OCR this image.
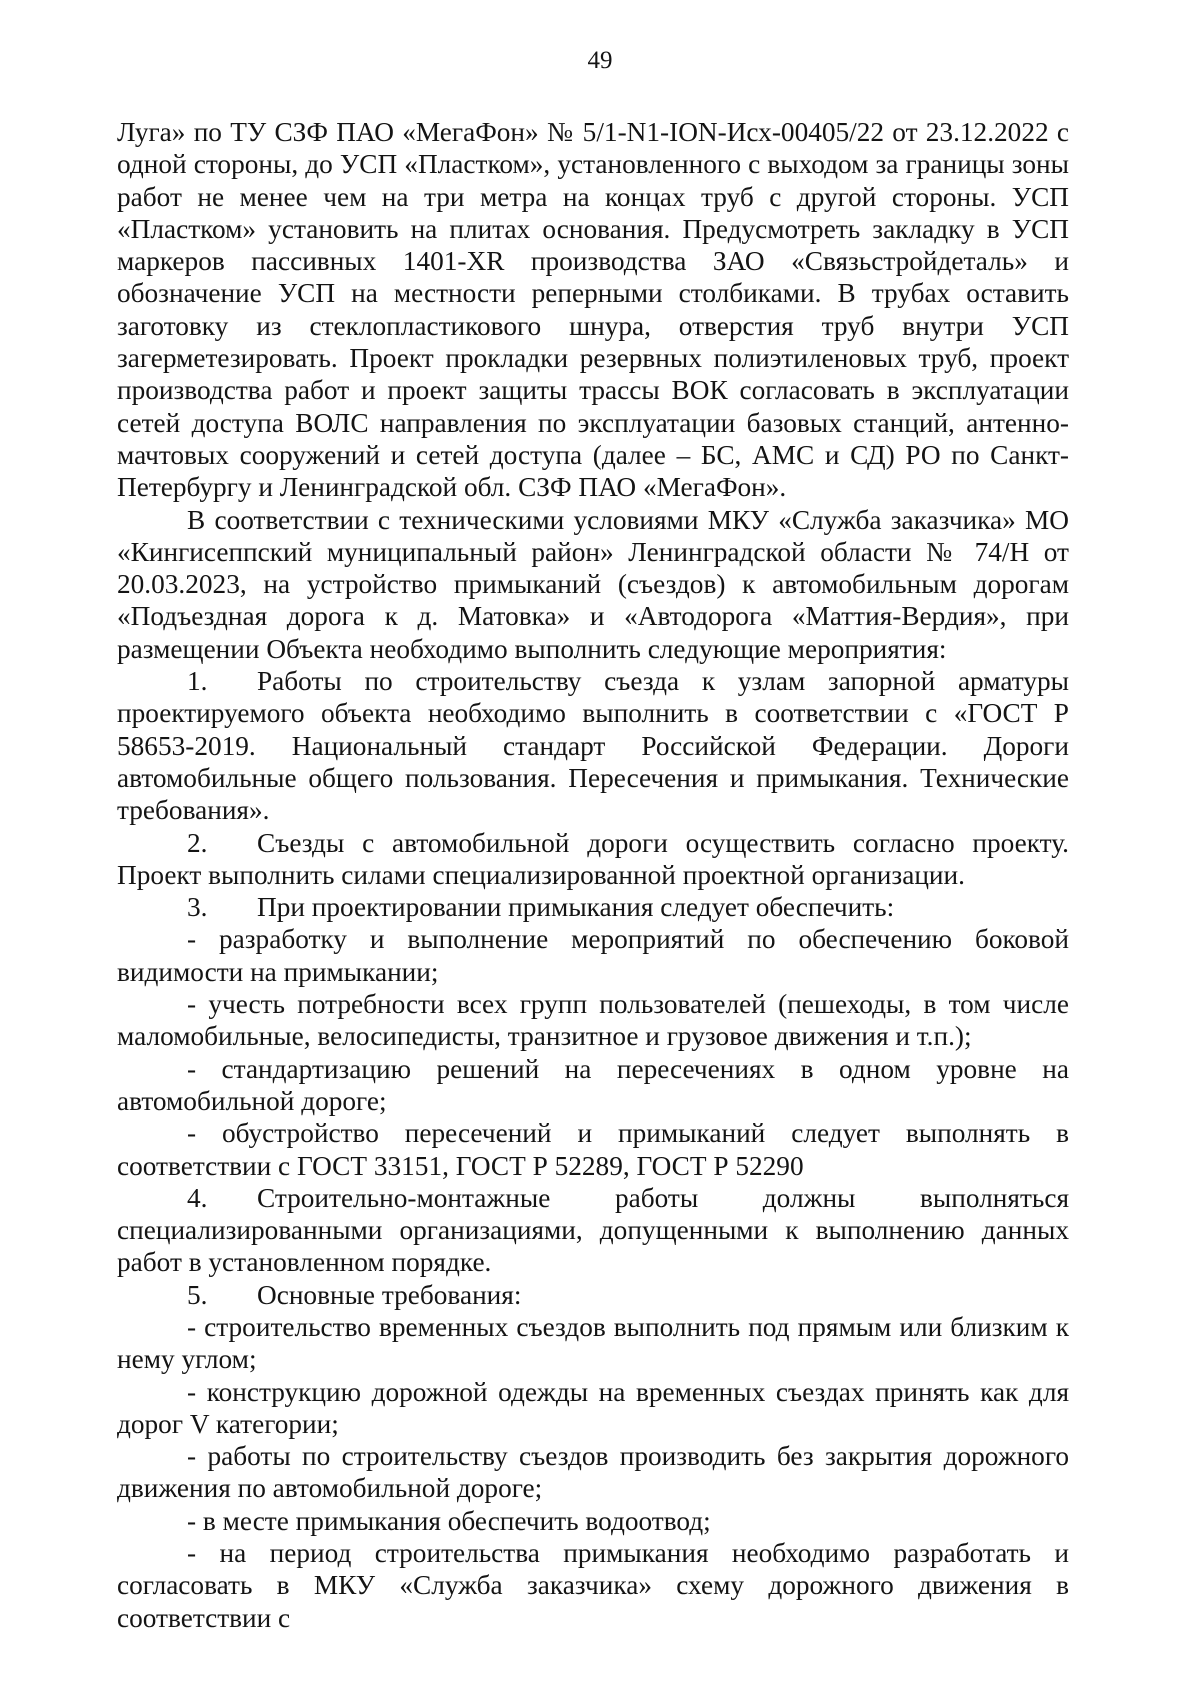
49

Луга» по ТУ СЗФ ПАО «МегаФон» № 5/1-N1-ION-Исх-00405/22 от 23.12.2022 с одной стороны, до УСП «Пластком», установленного с выходом за границы зоны работ не менее чем на три метра на концах труб с другой стороны. УСП «Пластком» установить на плитах основания. Предусмотреть закладку в УСП маркеров пассивных 1401-XR производства ЗАО «Связьстройдеталь» и обозначение УСП на местности реперными столбиками. В трубах оставить заготовку из стеклопластикового шнура, отверстия труб внутри УСП загерметезировать. Проект прокладки резервных полиэтиленовых труб, проект производства работ и проект защиты трассы ВОК согласовать в эксплуатации сетей доступа ВОЛС направления по эксплуатации базовых станций, антенно-мачтовых сооружений и сетей доступа (далее – БС, АМС и СД) РО по Санкт-Петербургу и Ленинградской обл. СЗФ ПАО «МегаФон».

В соответствии с техническими условиями МКУ «Служба заказчика» МО «Кингисеппский муниципальный район» Ленинградской области № 74/Н от 20.03.2023, на устройство примыканий (съездов) к автомобильным дорогам «Подъездная дорога к д. Матовка» и «Автодорога «Маттия-Вердия», при размещении Объекта необходимо выполнить следующие мероприятия:

1. Работы по строительству съезда к узлам запорной арматуры проектируемого объекта необходимо выполнить в соответствии с «ГОСТ Р 58653-2019. Национальный стандарт Российской Федерации. Дороги автомобильные общего пользования. Пересечения и примыкания. Технические требования».

2. Съезды с автомобильной дороги осуществить согласно проекту. Проект выполнить силами специализированной проектной организации.

3. При проектировании примыкания следует обеспечить:

- разработку и выполнение мероприятий по обеспечению боковой видимости на примыкании;

- учесть потребности всех групп пользователей (пешеходы, в том числе маломобильные, велосипедисты, транзитное и грузовое движения и т.п.);

- стандартизацию решений на пересечениях в одном уровне на автомобильной дороге;

- обустройство пересечений и примыканий следует выполнять в соответствии с ГОСТ 33151, ГОСТ Р 52289, ГОСТ Р 52290

4. Строительно-монтажные работы должны выполняться специализированными организациями, допущенными к выполнению данных работ в установленном порядке.

5. Основные требования:

- строительство временных съездов выполнить под прямым или близким к нему углом;

- конструкцию дорожной одежды на временных съездах принять как для дорог V категории;

- работы по строительству съездов производить без закрытия дорожного движения по автомобильной дороге;

- в месте примыкания обеспечить водоотвод;

- на период строительства примыкания необходимо разработать и согласовать в МКУ «Служба заказчика» схему дорожного движения в соответствии с
